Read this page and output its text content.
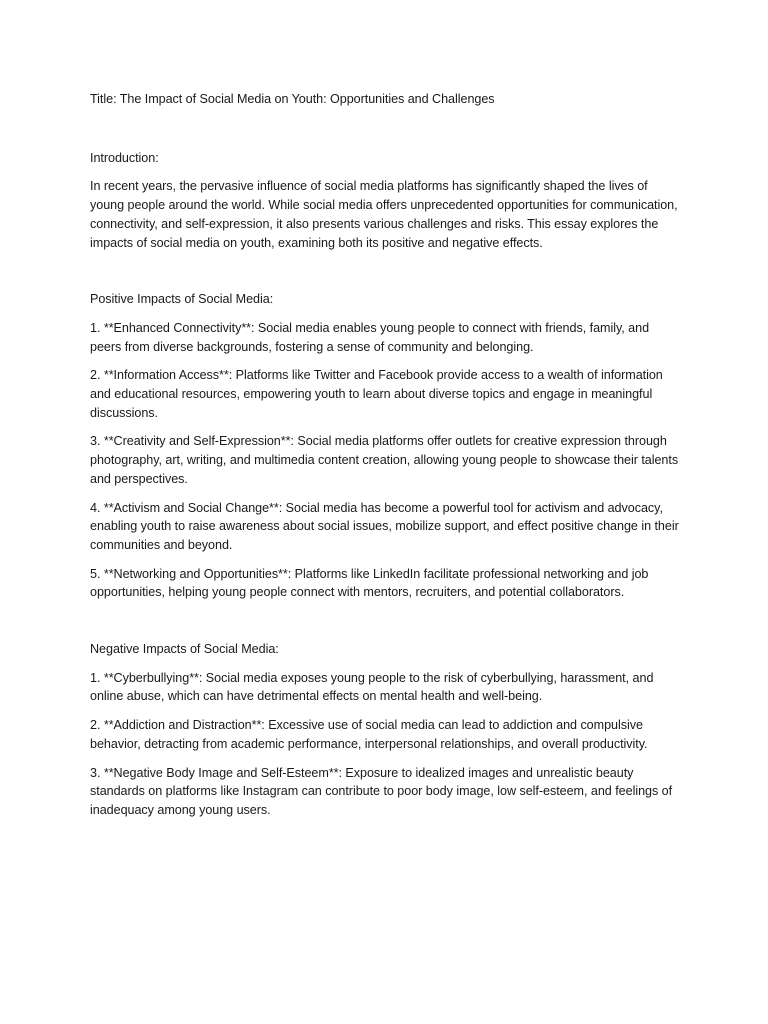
Title: The Impact of Social Media on Youth: Opportunities and Challenges

Introduction:

In recent years, the pervasive influence of social media platforms has significantly shaped the lives of young people around the world. While social media offers unprecedented opportunities for communication, connectivity, and self-expression, it also presents various challenges and risks. This essay explores the impacts of social media on youth, examining both its positive and negative effects.

Positive Impacts of Social Media:

1. **Enhanced Connectivity**: Social media enables young people to connect with friends, family, and peers from diverse backgrounds, fostering a sense of community and belonging.

2. **Information Access**: Platforms like Twitter and Facebook provide access to a wealth of information and educational resources, empowering youth to learn about diverse topics and engage in meaningful discussions.

3. **Creativity and Self-Expression**: Social media platforms offer outlets for creative expression through photography, art, writing, and multimedia content creation, allowing young people to showcase their talents and perspectives.

4. **Activism and Social Change**: Social media has become a powerful tool for activism and advocacy, enabling youth to raise awareness about social issues, mobilize support, and effect positive change in their communities and beyond.

5. **Networking and Opportunities**: Platforms like LinkedIn facilitate professional networking and job opportunities, helping young people connect with mentors, recruiters, and potential collaborators.

Negative Impacts of Social Media:

1. **Cyberbullying**: Social media exposes young people to the risk of cyberbullying, harassment, and online abuse, which can have detrimental effects on mental health and well-being.

2. **Addiction and Distraction**: Excessive use of social media can lead to addiction and compulsive behavior, detracting from academic performance, interpersonal relationships, and overall productivity.

3. **Negative Body Image and Self-Esteem**: Exposure to idealized images and unrealistic beauty standards on platforms like Instagram can contribute to poor body image, low self-esteem, and feelings of inadequacy among young users.
